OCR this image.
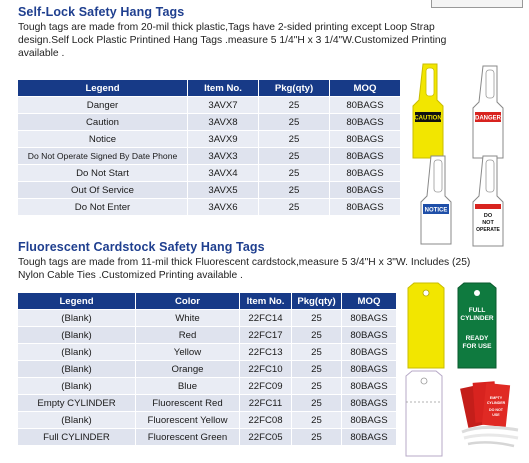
Self-Lock Safety Hang Tags
Tough tags are made from 20-mil thick plastic,Tags have 2-sided printing except Loop Strap
design.Self Lock Plastic Printined Hang Tags .measure 5 1/4"H x 3 1/4"W.Customized Printing
available .
Legend	Item No.	Pkg(qty)	MOQ
Danger	3AVX7	25	80BAGS
Caution	3AVX8	25	80BAGS
Notice	3AVX9	25	80BAGS
Do Not Operate Signed By Date Phone	3AVX3	25	80BAGS
Do Not Start	3AVX4	25	80BAGS
Out Of Service	3AVX5	25	80BAGS
Do Not Enter	3AVX6	25	80BAGS
CAUTION	DANGER
NOTICE
DO
NOT
OPERATE
Fluorescent Cardstock Safety Hang Tags
Tough tags are made from 11-mil thick Fluorescent cardstock,measure 5 3/4"H x 3"W. Includes (25)
Nylon Cable Ties .Customized Printing available .
Legend	Color	Item No.	Pkg(qty)	MOQ
(Blank)	White	22FC14	25	80BAGS
(Blank)	Red	22FC17	25	80BAGS
(Blank)	Yellow	22FC13	25	80BAGS
(Blank)	Orange	22FC10	25	80BAGS
(Blank)	Blue	22FC09	25	80BAGS
Empty CYLINDER	Fluorescent Red	22FC11	25	80BAGS
(Blank)	Fluorescent Yellow	22FC08	25	80BAGS
Full CYLINDER	Fluorescent Green	22FC05	25	80BAGS
FULL
CYLINDER
READY
FOR USE
EMPTY
CYLINDER
DO NOT
USE
